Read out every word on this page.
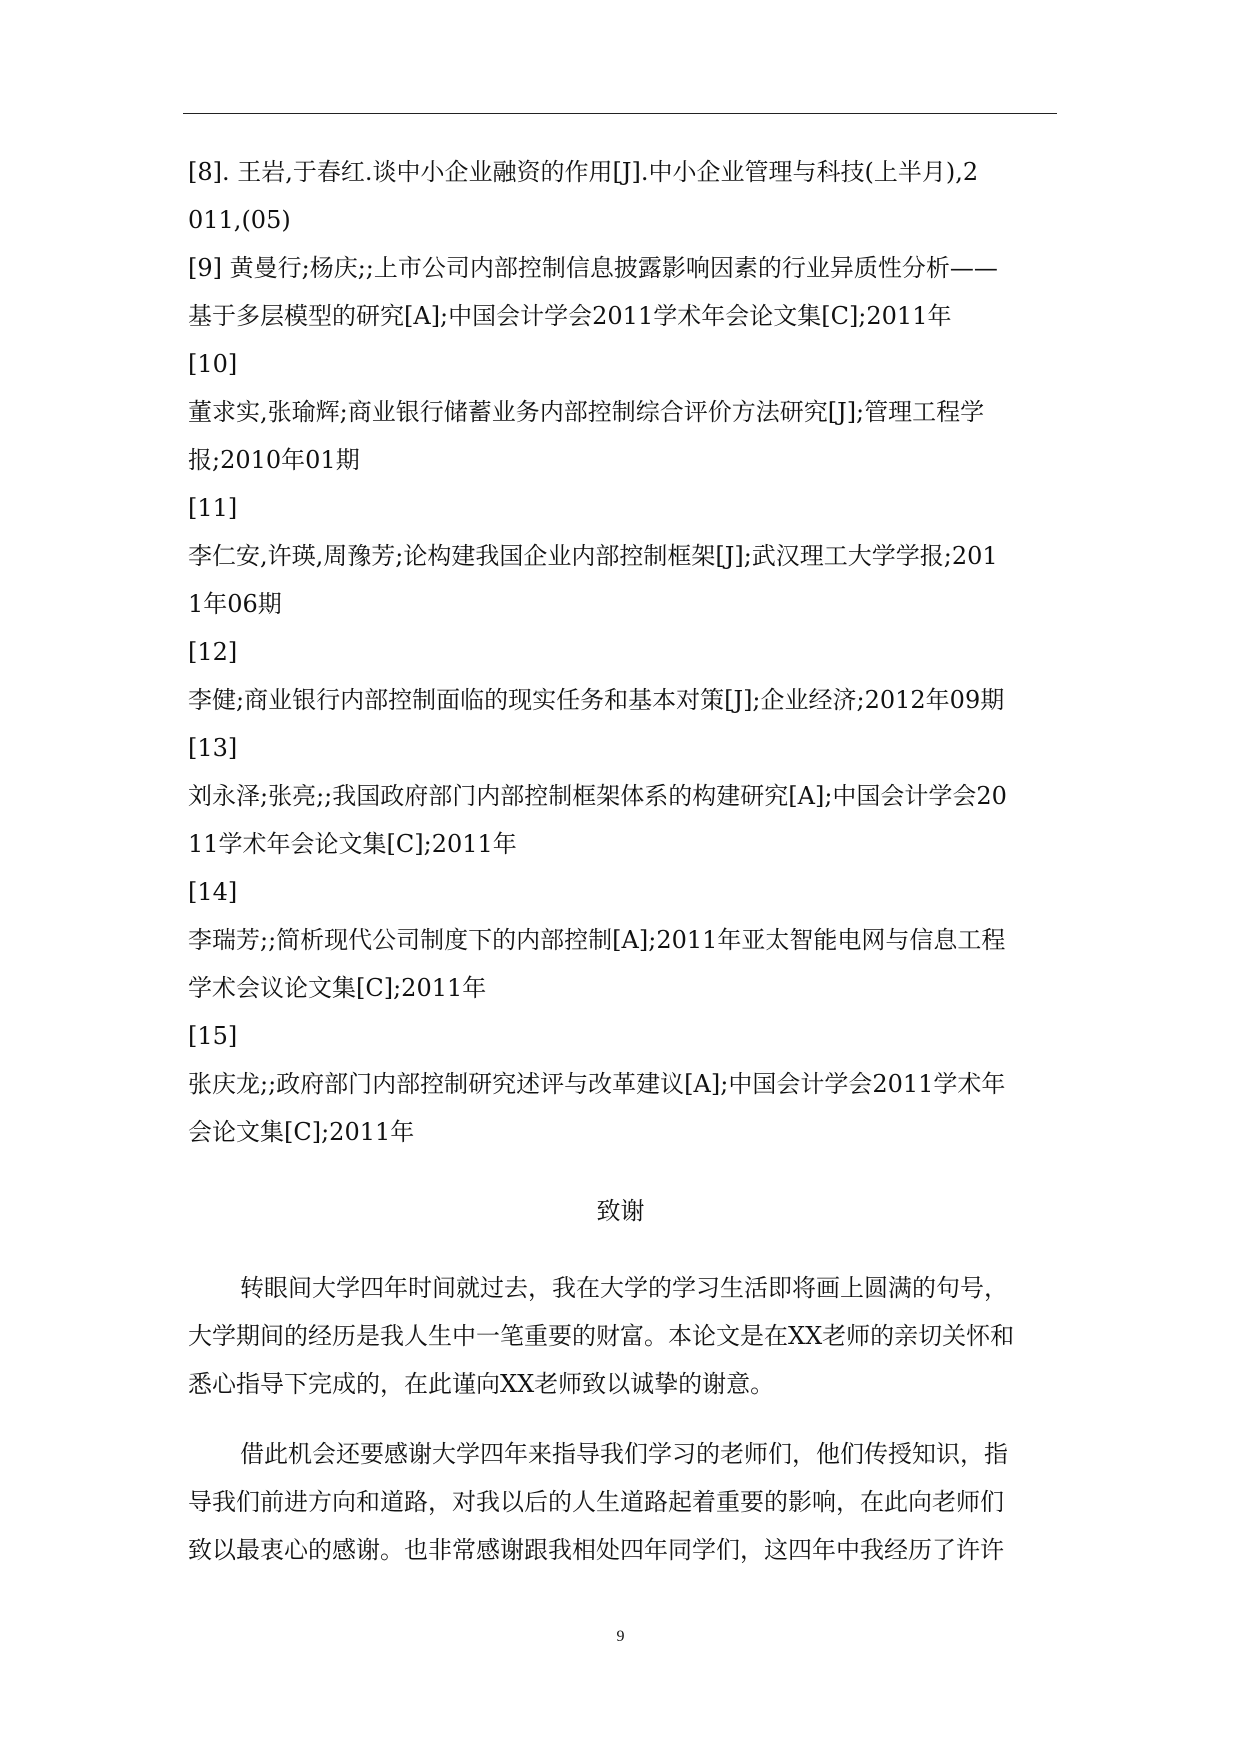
[8]. 王岩,于春红.谈中小企业融资的作用[J].中小企业管理与科技(上半月),2
011,(05)
[9] 黄曼行;杨庆;;上市公司内部控制信息披露影响因素的行业异质性分析——
基于多层模型的研究[A];中国会计学会2011学术年会论文集[C];2011年
[10]
董求实,张瑜辉;商业银行储蓄业务内部控制综合评价方法研究[J];管理工程学
报;2010年01期
[11]
李仁安,许瑛,周豫芳;论构建我国企业内部控制框架[J];武汉理工大学学报;201
1年06期
[12]
李健;商业银行内部控制面临的现实任务和基本对策[J];企业经济;2012年09期
[13]
刘永泽;张亮;;我国政府部门内部控制框架体系的构建研究[A];中国会计学会20
11学术年会论文集[C];2011年
[14]
李瑞芳;;简析现代公司制度下的内部控制[A];2011年亚太智能电网与信息工程
学术会议论文集[C];2011年
[15]
张庆龙;;政府部门内部控制研究述评与改革建议[A];中国会计学会2011学术年
会论文集[C];2011年
致谢
转眼间大学四年时间就过去，我在大学的学习生活即将画上圆满的句号，
大学期间的经历是我人生中一笔重要的财富。本论文是在XX老师的亲切关怀和
悉心指导下完成的，在此谨向XX老师致以诚挚的谢意。
借此机会还要感谢大学四年来指导我们学习的老师们，他们传授知识，指
导我们前进方向和道路，对我以后的人生道路起着重要的影响，在此向老师们
致以最衷心的感谢。也非常感谢跟我相处四年同学们，这四年中我经历了许许
9
